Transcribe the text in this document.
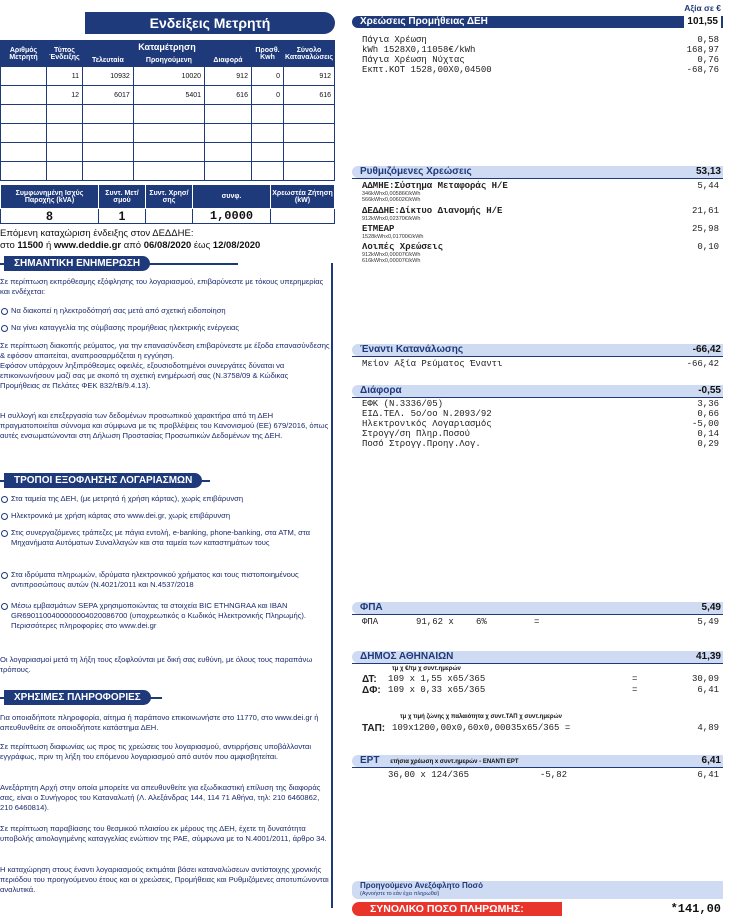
Ενδείξεις Μετρητή
Αριθμός Μετρητή	Τύπος Ένδειξης	Καταμέτρηση			Προσθ. Kwh	Σύνολο Καταναλώσεις
		Τελευταία	Προηγούμενη	Διαφορά		
	11	10932	10020	912	0	912
	12	6017	5401	616	0	616

Συμφωνημένη Ισχύς Παροχής (kVA)	Συντ. Μετ/σμού	Συντ. Χρησ/σης	συνφ.	Χρεωστέα Ζήτηση (kW)
8	1		1,0000	
Επόμενη καταχώριση ένδειξης στον ΔΕΔΔΗΕ:
στο 11500 ή www.deddie.gr από 06/08/2020 έως 12/08/2020
ΣΗΜΑΝΤΙΚΗ ΕΝΗΜΕΡΩΣΗ
Σε περίπτωση εκπρόθεσμης εξόφλησης του λογαριασμού, επιβαρύνεστε με τόκους υπερημερίας και ενδέχεται:
Να διακοπεί η ηλεκτροδότησή σας μετά από σχετική ειδοποίηση
Να γίνει καταγγελία της σύμβασης προμήθειας ηλεκτρικής ενέργειας
Σε περίπτωση διακοπής ρεύματος, για την επανασύνδεση επιβαρύνεστε με έξοδα επανασύνδεσης & εφόσον απαιτείται, αναπροσαρμόζεται η εγγύηση.
Εφόσον υπάρχουν ληξιπρόθεσμες οφειλές, εξουσιοδοτημένοι συνεργάτες δύναται να επικοινωνήσουν μαζί σας με σκοπό τη σχετική ενημέρωσή σας (Ν.3758/09 & Κώδικας Προμήθειας σε Πελάτες ΦΕΚ 832/τΒ/9.4.13).
Η συλλογή και επεξεργασία των δεδομένων προσωπικού χαρακτήρα από τη ΔΕΗ πραγματοποιείται σύννομα και σύμφωνα με τις προβλέψεις του Κανονισμού (ΕΕ) 679/2016, όπως αυτές ενσωματώνονται στη Δήλωση Προστασίας Προσωπικών Δεδομένων της ΔΕΗ.
ΤΡΟΠΟΙ ΕΞΟΦΛΗΣΗΣ ΛΟΓΑΡΙΑΣΜΩΝ
Στα ταμεία της ΔΕΗ, (με μετρητά ή χρήση κάρτας), χωρίς επιβάρυνση
Ηλεκτρονικά με χρήση κάρτας στο www.dei.gr, χωρίς επιβάρυνση
Στις συνεργαζόμενες τράπεζες με πάγια εντολή, e-banking, phone-banking, στα ΑΤΜ, στα Μηχανήματα Αυτόματων Συναλλαγών και στα ταμεία των καταστημάτων τους
Στα ιδρύματα πληρωμών, ιδρύματα ηλεκτρονικού χρήματος και τους πιστοποιημένους αντιπροσώπους αυτών (Ν.4021/2011 και Ν.4537/2018
Μέσω εμβασμάτων SEPA χρησιμοποιώντας τα στοιχεία BIC ETHNGRAA και IBAN GR6901100400000004020086700 (υποχρεωτικός ο Κωδικός Ηλεκτρονικής Πληρωμής). Περισσότερες πληροφορίες στο www.dei.gr
Οι λογαριασμοί μετά τη λήξη τους εξοφλούνται με δική σας ευθύνη, με όλους τους παραπάνω τρόπους.
ΧΡΗΣΙΜΕΣ ΠΛΗΡΟΦΟΡΙΕΣ
Για οποιαδήποτε πληροφορία, αίτημα ή παράπονο επικοινωνήστε στο 11770, στο www.dei.gr ή απευθυνθείτε σε οποιοδήποτε κατάστημα ΔΕΗ.
Σε περίπτωση διαφωνίας ως προς τις χρεώσεις του λογαριασμού, αντιρρήσεις υποβάλλονται εγγράφως, πριν τη λήξη του επόμενου λογαριασμού από αυτόν που αμφισβητείται.
Ανεξάρτητη Αρχή στην οποία μπορείτε να απευθυνθείτε για εξωδικαστική επίλυση της διαφοράς σας, είναι ο Συνήγορος του Καταναλωτή (Λ. Αλεξάνδρας 144, 114 71 Αθήνα, τηλ: 210 6460862, 210 6460814).
Σε περίπτωση παραβίασης του θεσμικού πλαισίου εκ μέρους της ΔΕΗ, έχετε τη δυνατότητα υποβολής αιτιολογημένης καταγγελίας ενώπιον της ΡΑΕ, σύμφωνα με το Ν.4001/2011, άρθρο 34.
Η καταχώρηση στους έναντι λογαριασμούς εκτιμάται βάσει καταναλώσεων αντίστοιχης χρονικής περιόδου του προηγούμενου έτους και οι χρεώσεις, Προμήθειας και Ρυθμιζόμενες αποτυπώνονται αναλυτικά.
Αξία σε €
Χρεώσεις Προμήθειας ΔΕΗ	101,55
Πάγια Χρέωση	0,58
kWh 1528X0,11058€/kWh	168,97
Πάγια Χρέωση Νύχτας	0,76
Εκπτ.ΚΟΤ 1528,00X0,04500	-68,76
Ρυθμιζόμενες Χρεώσεις	53,13
ΑΔΜΗΕ:Σύστημα Μεταφοράς Η/Ε	5,44
346kWhx0,00586€/kWh
566kWhx0,00602€/kWh
ΔΕΔΔΗΕ:Δίκτυο Διανομής Η/Ε	21,61
912kWhx0,02370€/kWh
ΕΤΜΕΑΡ	25,98
1528kWhx0,01700€/kWh
Λοιπές Χρεώσεις	0,10
912kWhx0,00007€/kWh
616kWhx0,00007€/kWh
Έναντι Κατανάλωσης	-66,42
Μείον Αξία Ρεύματος Έναντι	-66,42
Διάφορα	-0,55
ΕΦΚ (Ν.3336/05)	3,36
ΕΙΔ.ΤΕΛ. 5ο/οο Ν.2093/92	0,66
Ηλεκτρονικός Λογαριασμός	-5,00
Στρογγ/ση Πληρ.Ποσού	0,14
Ποσό Στρογγ.Προηγ.Λογ.	0,29
ΦΠΑ	5,49
ΦΠΑ	91,62 x 6%	=	5,49
ΔΗΜΟΣ ΑΘΗΝΑΙΩΝ	41,39
τμ χ €/τμ χ συντ.ημερών
ΔΤ: 109 x 1,55 x65/365	=	30,09
ΔΦ: 109 x 0,33 x65/365	=	6,41
τμ χ τιμή ζώνης χ παλαιότητα χ συντ.ΤΑΠ χ συντ.ημερών
ΤΑΠ: 109x1200,00x0,60x0,00035x65/365 =	4,89
ΕΡΤ ετήσια χρέωση x συντ.ημερών - ΕΝΑΝΤΙ ΕΡΤ	6,41
36,00 x 124/365	-5,82	6,41
Προηγούμενο Ανεξόφλητο Ποσό
(Αγνοήστε το εάν έχει πληρωθεί)
ΣΥΝΟΛΙΚΟ ΠΟΣΟ ΠΛΗΡΩΜΗΣ:	*141,00
